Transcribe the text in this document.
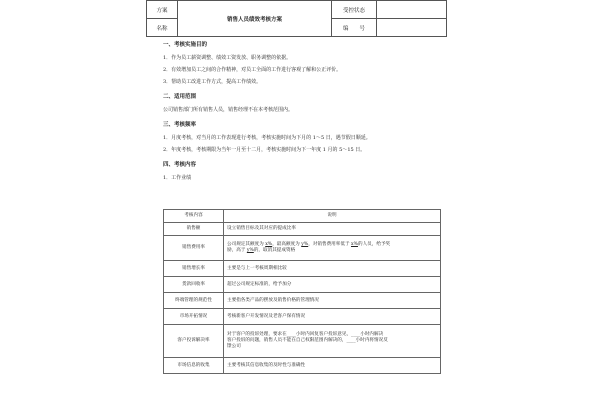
方案	销售人员绩效考核方案	受控状态	
名称		编　　号	
一、考核实施目的
1．作为员工薪资调整、绩效工资发放、职务调整的依据。
2．有效增加员工之间的合作精神，对员工全面的工作进行客观了解和公正评价。
3．帮助员工改进工作方式，提高工作绩效。
二、适用范围
公司销售部门所有销售人员，销售经理不在本考核范围内。
三、考核频率
1．月度考核，对当月的工作表现进行考核，考核实施时间为下月的 1～5 日，遇节假日顺延。
2．年度考核，考核期限为当年一月至十二月，考核实施时间为下一年度 1 月的 5～15 日。
四、考核内容
1．工作业绩
考核内容	说明
销售额	设立销售目标及其对应的提成比率
销售费用率	公司规定其额度为 x%，最高额度为 y%，对销售费用率低于 x%的人员，给予奖
励，高于 y%的，取消其提成资格
销售增长率	主要是与上一考核周期相比较
货款回收率	超过公司规定标准的，给予加分
终端管理的规范性	主要指各类产品的摆放及销售价格的管理情况
市场开拓情况	考核新客户开发情况及老客户保有情况
客户投诉解决率	对于客户的投诉处理，要求在____小时内回复客户投诉意见，____小时内解决
客户投诉的问题，销售人员不能在自己权限范围内解决的，____小时内将情况反
馈公司
市场信息的收集	主要考核其信息收集的及时性与准确性
